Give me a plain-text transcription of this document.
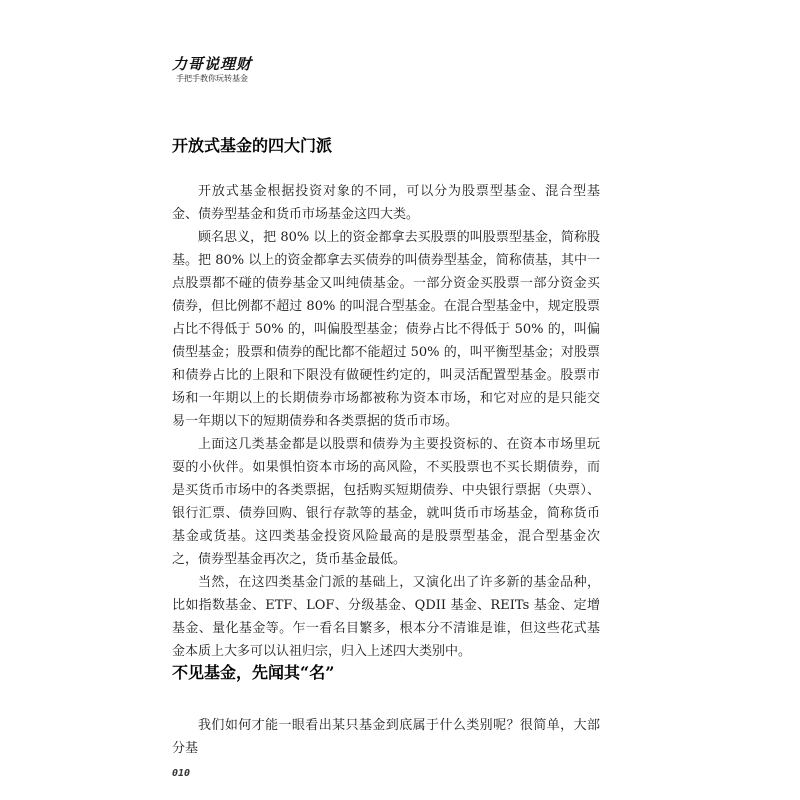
力哥说理财
手把手教你玩转基金
开放式基金的四大门派

开放式基金根据投资对象的不同，可以分为股票型基金、混合型基金、债券型基金和货币市场基金这四大类。

顾名思义，把 80% 以上的资金都拿去买股票的叫股票型基金，简称股基。把 80% 以上的资金都拿去买债券的叫债券型基金，简称债基，其中一点股票都不碰的债券基金又叫纯债基金。一部分资金买股票一部分资金买债券，但比例都不超过 80% 的叫混合型基金。在混合型基金中，规定股票占比不得低于 50% 的，叫偏股型基金；债券占比不得低于 50% 的，叫偏债型基金；股票和债券的配比都不能超过 50% 的，叫平衡型基金；对股票和债券占比的上限和下限没有做硬性约定的，叫灵活配置型基金。股票市场和一年期以上的长期债券市场都被称为资本市场，和它对应的是只能交易一年期以下的短期债券和各类票据的货币市场。

上面这几类基金都是以股票和债券为主要投资标的、在资本市场里玩耍的小伙伴。如果惧怕资本市场的高风险，不买股票也不买长期债券，而是买货币市场中的各类票据，包括购买短期债券、中央银行票据（央票）、银行汇票、债券回购、银行存款等的基金，就叫货币市场基金，简称货币基金或货基。这四类基金投资风险最高的是股票型基金，混合型基金次之，债券型基金再次之，货币基金最低。

当然，在这四类基金门派的基础上，又演化出了许多新的基金品种，比如指数基金、ETF、LOF、分级基金、QDII 基金、REITs 基金、定增基金、量化基金等。乍一看名目繁多，根本分不清谁是谁，但这些花式基金本质上大多可以认祖归宗，归入上述四大类别中。

不见基金，先闻其“名”

我们如何才能一眼看出某只基金到底属于什么类别呢？很简单，大部分基

010
